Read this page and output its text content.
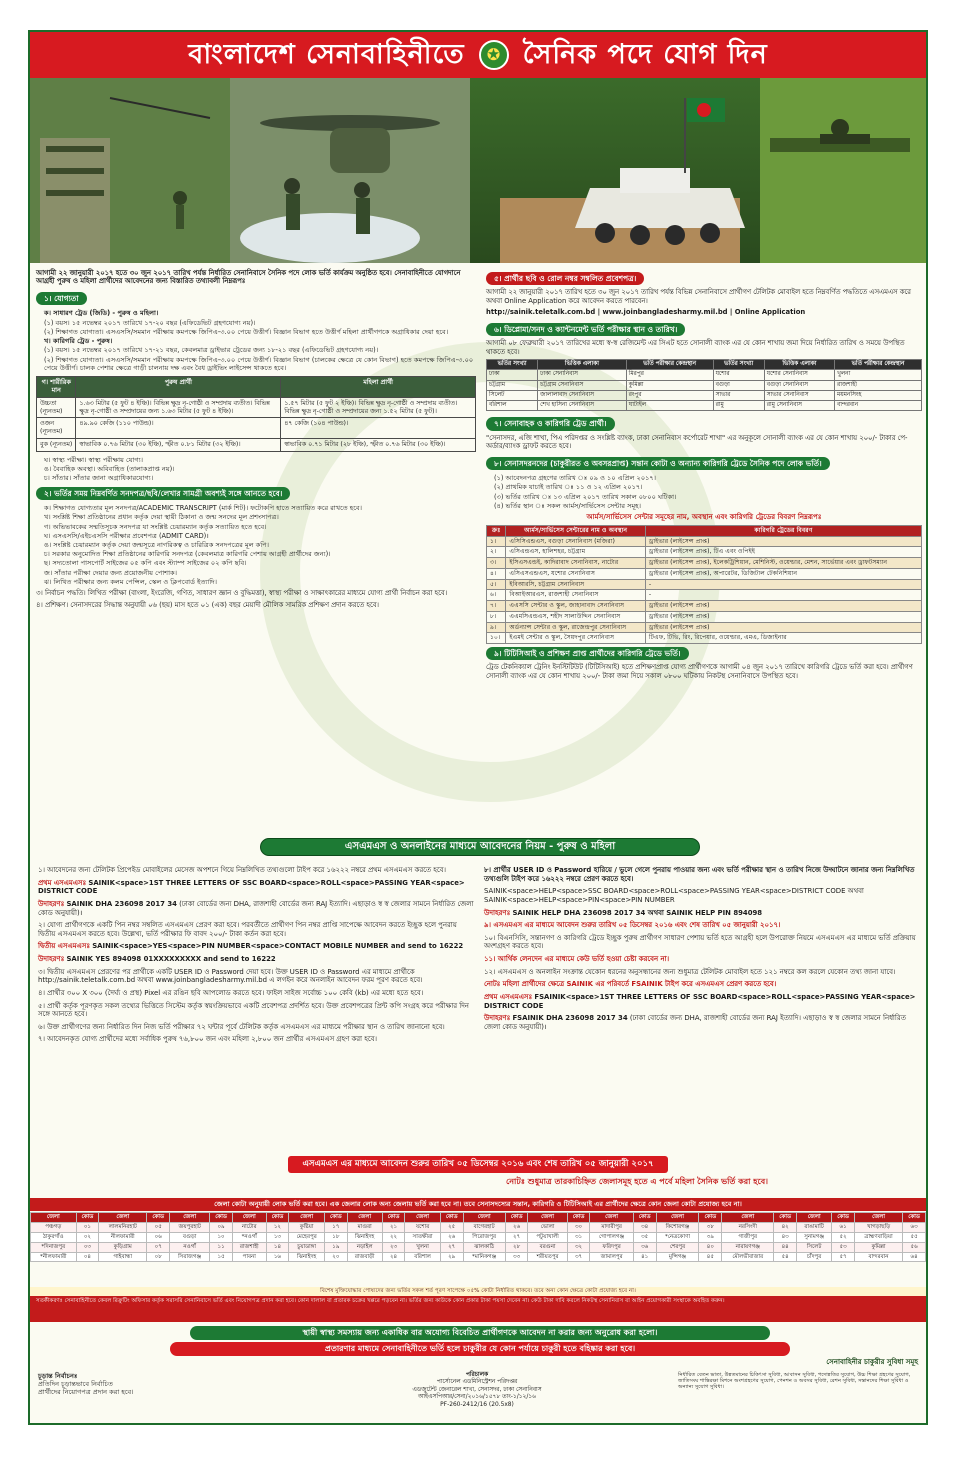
বাংলাদেশ সেনাবাহিনীতে	✪ সৈনিক পদে যোগ দিন
আগামী ২২ জানুয়ারী ২০১৭ হতে ৩০ জুন ২০১৭ তারিখ পর্যন্ত নির্ধারিত সেনানিবাসে সৈনিক পদে লোক ভর্তি কার্যক্রম অনুষ্ঠিত হবে। সেনাবাহিনীতে যোগদানে আগ্রহী পুরুষ ও মহিলা প্রার্থীদের আবেদনের জন্য বিস্তারিত তথ্যাবলী নিম্নরূপঃ
১। যোগ্যতা
ক। সাধারণ ট্রেড (জিডি) - পুরুষ ও মহিলা।
(১) বয়স। ১৫ নভেম্বর ২০১৭ তারিখে ১৭-২০ বছর (এফিডেভিট গ্রহণযোগ্য নয়)।
(২) শিক্ষাগত যোগ্যতা। এসএসসি/সমমান পরীক্ষায় কমপক্ষে জিপিএ-৩.০০ পেয়ে উত্তীর্ণ। বিজ্ঞান বিভাগ হতে উত্তীর্ণ মহিলা প্রার্থীগণকে অগ্রাধিকার দেয়া হবে।
খ। কারিগরি ট্রেড - পুরুষ।
(১) বয়স। ১৫ নভেম্বর ২০১৭ তারিখে ১৭-২১ বছর, কেবলমাত্র ড্রাইভার ট্রেডের জন্য ১৮-২১ বছর (এফিডেভিট গ্রহণযোগ্য নয়)।
(২) শিক্ষাগত যোগ্যতা। এসএসসি/সমমান পরীক্ষায় কমপক্ষে জিপিএ-৩.০০ পেয়ে উত্তীর্ণ। বিজ্ঞান বিভাগ (চালকের ক্ষেত্রে যে কোন বিভাগ) হতে কমপক্ষে জিপিএ-৩.০০ পেয়ে উত্তীর্ণ। চালক পেশার ক্ষেত্রে গাড়ী চালনায় দক্ষ এবং বৈধ ড্রাইভিং লাইসেন্স থাকতে হবে।
গ। শারীরিক মান	পুরুষ প্রার্থী	মহিলা প্রার্থী
উচ্চতা (ন্যূনতম)	১.৬৩ মিটার (৫ ফুট ৪ ইঞ্চি)। বিভিন্ন ক্ষুদ্র নৃ-গোষ্ঠী ও সম্প্রদায় ব্যতীত। বিভিন্ন ক্ষুদ্র নৃ-গোষ্ঠী ও সম্প্রদায়ের জন্য ১.৬৩ মিটার (৫ ফুট ৪ ইঞ্চি)।	১.৫৭ মিটার (৫ ফুট ২ ইঞ্চি)। বিভিন্ন ক্ষুদ্র নৃ-গোষ্ঠী ও সম্প্রদায় ব্যতীত। বিভিন্ন ক্ষুদ্র নৃ-গোষ্ঠী ও সম্প্রদায়ের জন্য ১.৫২ মিটার (৫ ফুট)।
ওজন (ন্যূনতম)	৪৯.৯০ কেজি (১১০ পাউন্ড)।	৪৭ কেজি (১০৪ পাউন্ড)।
বুক (ন্যূনতম)	স্বাভাবিক ০.৭৬ মিটার (৩০ ইঞ্চি), স্ফীত ০.৮১ মিটার (৩২ ইঞ্চি)।	স্বাভাবিক ০.৭১ মিটার (২৮ ইঞ্চি), স্ফীত ০.৭৬ মিটার (৩০ ইঞ্চি)।
ঘ। স্বাস্থ্য পরীক্ষা। স্বাস্থ্য পরীক্ষায় যোগ্য।
ঙ। বৈবাহিক অবস্থা। অবিবাহিত (তালাকপ্রাপ্ত নয়)।
চ। সাঁতার। সাঁতার জানা অগ্রাধিকারযোগ্য।
২। ভর্তির সময় নিম্নবর্ণিত সনদপত্র/ছবি/লেখার সামগ্রী অবশ্যই সঙ্গে আনতে হবে।
ক। শিক্ষাগত যোগ্যতার মূল সনদপত্র/ACADEMIC TRANSCRIPT (মার্ক শিট)। ফটোকপি হাতে সত্যায়িত করে রাখতে হবে।
খ। সংশ্লিষ্ট শিক্ষা প্রতিষ্ঠানের প্রধান কর্তৃক দেয়া স্থায়ী ঠিকানা ও জন্ম সনদের মূল প্রশংসাপত্র।
গ। অভিভাবকের সম্মতিসূচক সনদপত্র যা সংশ্লিষ্ট চেয়ারম্যান কর্তৃক সত্যায়িত হতে হবে।
ঘ। এসএসসি/এইচএসসি পরীক্ষার প্রবেশপত্র (ADMIT CARD)।
ঙ। সংশ্লিষ্ট চেয়ারম্যান কর্তৃক দেয়া জন্মসূত্রে নাগরিকত্ব ও চারিত্রিক সনদপত্রের মূল কপি।
চ। সরকার অনুমোদিত শিক্ষা প্রতিষ্ঠানের কারিগরি সনদপত্র (কেবলমাত্র কারিগরি পেশায় আগ্রহী প্রার্থীদের জন্য)।
ছ। সদ্যতোলা পাসপোর্ট সাইজের ০৫ কপি এবং স্ট্যাম্প সাইজের ০২ কপি ছবি।
জ। সাঁতার পরীক্ষা দেয়ার জন্য প্রয়োজনীয় পোশাক।
ঝ। লিখিত পরীক্ষার জন্য কলম পেন্সিল, স্কেল ও ক্লিপবোর্ড ইত্যাদি।
৩। নির্বাচন পদ্ধতি। লিখিত পরীক্ষা (বাংলা, ইংরেজি, গণিত, সাধারণ জ্ঞান ও বুদ্ধিমত্তা), স্বাস্থ্য পরীক্ষা ও সাক্ষাৎকারের মাধ্যমে যোগ্য প্রার্থী নির্বাচন করা হবে।
৪। প্রশিক্ষণ। সেনাসদরের সিদ্ধান্ত অনুযায়ী ০৬ (ছয়) মাস হতে ০১ (এক) বছর মেয়াদী মৌলিক সামরিক প্রশিক্ষণ প্রদান করতে হবে।
৫। প্রার্থীর ছবি ও রোল নম্বর সম্বলিত প্রবেশপত্র।
আগামী ২২ জানুয়ারী ২০১৭ তারিখ হতে ৩০ জুন ২০১৭ তারিখ পর্যন্ত বিভিন্ন সেনানিবাসে প্রার্থীগণ টেলিটক মোবাইল হতে নিম্নবর্ণিত পদ্ধতিতে এসএমএস করে অথবা Online Application করে আবেদন করতে পারবেন।
http://sainik.teletalk.com.bd | www.joinbangladesharmy.mil.bd | Online Application
৬। ডিপ্লোমা/সনদ ও ক্যান্টনমেন্ট ভর্তি পরীক্ষার স্থান ও তারিখ।
আগামী ০৮ ফেব্রুয়ারী ২০১৭ তারিখের মধ্যে স্ব-স্ব রেজিমেন্ট এর সিএট হতে সোনালী ব্যাংক এর যে কোন শাখায় জমা দিয়ে নির্ধারিত তারিখ ও সময়ে উপস্থিত থাকতে হবে।
ভর্তির সংখ্যা	ভিত্তিক এলাকা	ভর্তি পরীক্ষার কেন্দ্রস্থান	ভর্তির সংখ্যা	ভিত্তিক এলাকা	ভর্তি পরীক্ষার কেন্দ্রস্থান
ঢাকা	ঢাকা সেনানিবাস	মিরপুর	যশোর	যশোর সেনানিবাস	খুলনা
চট্টগ্রাম	চট্টগ্রাম সেনানিবাস	কুমিল্লা	বগুড়া	বগুড়া সেনানিবাস	রাজশাহী
সিলেট	জালালাবাদ সেনানিবাস	রংপুর	সাভার	সাভার সেনানিবাস	ময়মনসিংহ
বরিশাল	শেখ হাসিনা সেনানিবাস	ঘাটাইল	রামু	রামু সেনানিবাস	বান্দরবান
৭। সেনাবাহক ও কারিগরি ট্রেড প্রার্থী।
"সেনাসদর, এজি শাখা, পিএ পরিদপ্তর ও সংশ্লিষ্ট ব্যাংক, ঢাকা সেনানিবাস কর্পোরেট শাখা" এর অনুকূলে সোনালী ব্যাংক এর যে কোন শাখায় ২০০/- টাকার পে-অর্ডার/ব্যাংক ড্রাফট করতে হবে।
৮। সেনাসদরনদের (চাকুরীরত ও অবসরপ্রাপ্ত) সন্তান কোটা ও অন্যান্য কারিগরি ট্রেডে সৈনিক পদে লোক ভর্তি।
(১) আবেদনপত্র গ্রহণের তারিখ ঃ ০৯ ও ১০ এপ্রিল ২০১৭।
(২) প্রাথমিক যাচাই তারিখ ঃ ১১ ও ১২ এপ্রিল ২০১৭।
(৩) ভর্তির তারিখ ঃ ১৩ এপ্রিল ২০১৭ তারিখ সকাল ০৮০০ ঘটিকা।
(৪) ভর্তির স্থান ঃ সকল আর্মস/সার্ভিসেস সেন্টার সমূহ।
আর্মস/সার্ভিসেস সেন্টার সমূহের নাম, অবস্থান এবং কারিগরি ট্রেডের বিবরণ নিম্নরূপঃ
ক্রঃ	আর্মস/সার্ভিসেস সেন্টারের নাম ও অবস্থান	কারিগরি ট্রেডের বিবরণ
১।	এসিসিএন্ডএস, বগুড়া সেনানিবাস (মজিরা)	ড্রাইভার (লাইসেন্স প্রাপ্ত)
২।	এসিএন্ডএস, হালিশহর, চট্টগ্রাম	ড্রাইভার (লাইসেন্স প্রাপ্ত), টিএ এবং ওপিইই
৩।	ইসিএসএন্ডই, কাদিরাবাদ সেনানিবাস, নাটোর	ড্রাইভার (লাইসেন্স প্রাপ্ত), ইলেকট্রিশিয়ান, মেশিনিস্ট, ওয়েল্ডার, মেশন, সার্ভেয়ার এবং ড্রাফটসম্যান
৪।	এসিএসএন্ডএস, যশোর সেনানিবাস	ড্রাইভার (লাইসেন্স প্রাপ্ত), অপারেটর, ডিজিটাল টেকনিশিয়ান
৫।	ইবিআরসি, চট্টগ্রাম সেনানিবাস	-
৬।	বিআইআরএস, রাজশাহী সেনানিবাস	-
৭।	এএসসি সেন্টার ও স্কুল, জাহানাবাদ সেনানিবাস	ড্রাইভার (লাইসেন্স প্রাপ্ত)
৮।	এএমসিএন্ডএস, শহীদ সালাউদ্দিন সেনানিবাস	ড্রাইভার (লাইসেন্স প্রাপ্ত)
৯।	অর্ডন্যান্স সেন্টার ও স্কুল, রাজেন্দ্রপুর সেনানিবাস	ড্রাইভার (লাইসেন্স প্রাপ্ত)
১০।	ইএমই সেন্টার ও স্কুল, সৈয়দপুর সেনানিবাস	টিএফ, টিভি, রিং, রিপেয়ার, ওয়েল্ডার, এমএ, ডিজাইনার
৯। টিটিসিআই ও প্রশিক্ষণ প্রাপ্ত প্রার্থীদের কারিগরি ট্রেডে ভর্তি।
ট্রেড টেকনিক্যাল ট্রেনিং ইনস্টিটিউট (টিটিসিআই) হতে প্রশিক্ষণপ্রাপ্ত যোগ্য প্রার্থীগণকে আগামী ০৪ জুন ২০১৭ তারিখে কারিগরি ট্রেডে ভর্তি করা হবে। প্রার্থীগণ সোনালী ব্যাংক এর যে কোন শাখায় ২০০/- টাকা জমা দিয়ে সকাল ০৮০০ ঘটিকায় নিকটস্থ সেনানিবাসে উপস্থিত হবে।
এসএমএস ও অনলাইনের মাধ্যমে আবেদনের নিয়ম - পুরুষ ও মহিলা
১। আবেদনের জন্য টেলিটক প্রিপেইড মোবাইলের মেসেজ অপশনে গিয়ে নিম্নলিখিত তথ্যগুলো টাইপ করে ১৬২২২ নম্বরে প্রথম এসএমএস করতে হবে।
প্রথম এসএমএসঃ SAINIK<space>1ST THREE LETTERS OF SSC BOARD<space>ROLL<space>PASSING YEAR<space> DISTRICT CODE
উদাহরণঃ SAINIK DHA 236098 2017 34 (ঢাকা বোর্ডের জন্য DHA, রাজশাহী বোর্ডের জন্য RAJ ইত্যাদি। এছাড়াও স্ব স্ব জেলার সামনে নির্ধারিত জেলা কোড অনুযায়ী)।
২। যোগ্য প্রার্থীগণকে একটি পিন নম্বর সম্বলিত এসএমএস প্রেরণ করা হবে। পরবর্তীতে প্রার্থীগণ পিন নম্বর প্রাপ্তি সাপেক্ষে আবেদন করতে ইচ্ছুক হলে পুনরায় দ্বিতীয় এসএমএস করতে হবে। উল্লেখ্য, ভর্তি পরীক্ষার ফি বাবদ ২০০/- টাকা কর্তন করা হবে।
দ্বিতীয় এসএমএসঃ SAINIK<space>YES<space>PIN NUMBER<space>CONTACT MOBILE NUMBER and send to 16222
উদাহরণঃ SAINIK YES 894098 01XXXXXXXXX and send to 16222
৩। দ্বিতীয় এসএমএস প্রেরণের পর প্রার্থীকে একটি USER ID ও Password দেয়া হবে। উক্ত USER ID ও Password এর মাধ্যমে প্রার্থীকে http://sainik.teletalk.com.bd অথবা www.joinbangladesharmy.mil.bd এ লগইন করে অনলাইন আবেদন ফরম পূরণ করতে হবে।
৪। প্রার্থীর ৩০০ X ৩০০ (দৈর্ঘ্য ও প্রস্থ) Pixel এর রঙিন ছবি আপলোড করতে হবে। ফাইল সাইজ সর্বোচ্চ ১০০ কেবি (kb) এর মধ্যে হতে হবে।
৫। প্রার্থী কর্তৃক পূরণকৃত সকল তথ্যের ভিত্তিতে সিস্টেম কর্তৃক স্বয়ংক্রিয়ভাবে একটি প্রবেশপত্র প্রদর্শিত হবে। উক্ত প্রবেশপত্রের প্রিন্ট কপি সংগ্রহ করে পরীক্ষার দিন সঙ্গে আনতে হবে।
৬। উক্ত প্রার্থীগণের জন্য নির্ধারিত দিন নিজ ভর্তি পরীক্ষার ৭২ ঘন্টার পূর্বে টেলিটক কর্তৃক এসএমএস এর মাধ্যমে পরীক্ষার স্থান ও তারিখ জানানো হবে।
৭। আবেদনকৃত যোগ্য প্রার্থীদের মধ্যে সর্বাধিক পুরুষ ৭৬,৮০০ জন এবং মহিলা ২,৮০০ জন প্রার্থীর এসএমএস গ্রহণ করা হবে।
৮। প্রার্থীর USER ID ও Password হারিয়ে / ভুলে গেলে পুনরায় পাওয়ার জন্য এবং ভর্তি পরীক্ষার স্থান ও তারিখ নিজে উদ্ঘাটনে জানার জন্য নিম্নলিখিত তথ্যগুলি টাইপ করে ১৬২২২ নম্বরে প্রেরণ করতে হবে।
SAINIK<space>HELP<space>SSC BOARD<space>ROLL<space>PASSING YEAR<space>DISTRICT CODE অথবা SAINIK<space>HELP<space>PIN<space>PIN NUMBER
উদাহরণঃ SAINIK HELP DHA 236098 2017 34 অথবা SAINIK HELP PIN 894098
৯। এসএমএস এর মাধ্যমে আবেদন শুরুর তারিখ ০৫ ডিসেম্বর ২০১৬ এবং শেষ তারিখ ০৫ জানুয়ারী ২০১৭।
১০। বিএনসিসি, সন্তানগণ ও কারিগরি ট্রেডে ইচ্ছুক পুরুষ প্রার্থীগণ সাধারণ পেশায় ভর্তি হতে আগ্রহী হলে উপরোক্ত নিয়মে এসএমএস এর মাধ্যমে ভর্তি প্রক্রিয়ায় অংশগ্রহণ করতে হবে।
১১। আর্থিক লেনদেন এর মাধ্যমে কেউ ভর্তি হওয়া চেষ্টা করবেন না।
১২। এসএমএস ও অনলাইন সংক্রান্ত যেকোন ধরনের অনুসন্ধানের জন্য শুধুমাত্র টেলিটক মোবাইল হতে ১২১ নম্বরে কল করলে যেকোন তথ্য জানা যাবে।
নোটঃ মহিলা প্রার্থীদের ক্ষেত্রে SAINIK এর পরিবর্তে FSAINIK টাইপ করে এসএমএস প্রেরণ করতে হবে।
প্রথম এসএমএসঃ FSAINIK<space>1ST THREE LETTERS OF SSC BOARD<space>ROLL<space>PASSING YEAR<space> DISTRICT CODE
উদাহরণঃ FSAINIK DHA 236098 2017 34 (ঢাকা বোর্ডের জন্য DHA, রাজশাহী বোর্ডের জন্য RAJ ইত্যাদি। এছাড়াও স্ব স্ব জেলার সামনে নির্ধারিত জেলা কোড অনুযায়ী)।
এসএমএস এর মাধ্যমে আবেদন শুরুর তারিখ ০৫ ডিসেম্বর ২০১৬ এবং শেষ তারিখ ০৫ জানুয়ারী ২০১৭
নোটঃ শুধুমাত্র তারকাচিহ্নিত জেলাসমূহ হতে এ পর্বে মহিলা সৈনিক ভর্তি করা হবে।
জেলা কোটা অনুযায়ী লোক ভর্তি করা হবে। এক জেলার লোক অন্য জেলায় ভর্তি করা হবে না। তবে সেনাসদস্যের সন্তান, কারিগরি ও টিটিসিআই এর প্রার্থীদের ক্ষেত্রে কোন জেলা কোটা প্রযোজ্য হবে না।
জেলা	কোড	জেলা	কোড	জেলা	কোড	জেলা	কোড	জেলা	কোড	জেলা	কোড	জেলা	কোড	জেলা	কোড	জেলা	কোড	জেলা	কোড	জেলা	কোড	জেলা	কোড	জেলা	কোড	জেলা	কোড
পঞ্চগড়	০১	লালমনিরহাট	০৫	জয়পুরহাট	০৯	নাটোর	১২	কুষ্টিয়া	১৭	মাগুরা	২১	যশোর	২৫	বাগেরহাট	২৬	ভোলা	৩০	মাদারীপুর	৩৪	কিশোরগঞ্জ	৩৮	নরসিংদী	৪২	রাঙামাটি	৬১	খাগড়াছড়ি	৬৩
ঠাকুরগাঁও	০২	নীলফামারী	০৬	বগুড়া	১০	*নওগাঁ	১৩	মেহেরপুর	১৮	ঝিনাইদহ	২২	সাতক্ষীরা	২৬	পিরোজপুর	২৭	পটুয়াখালী	৩১	গোপালগঞ্জ	৩৫	*নেত্রকোণা	৩৯	গাজীপুর	৪৩	সুনামগঞ্জ	৫২	ব্রাহ্মণবাড়িয়া	৫৫
*দিনাজপুর	০৩	কুড়িগ্রাম	০৭	নওগাঁ	১১	রাজশাহী	১৪	চুয়াডাঙ্গা	১৯	নড়াইল	২৩	খুলনা	২৭	ঝালকাঠি	২৮	বরগুনা	৩২	ফরিদপুর	৩৬	শেরপুর	৪০	নারায়ণগঞ্জ	৪৪	সিলেট	৫৩	কুমিল্লা	৫৬
*নীলফামারী	০৪	গাইবান্ধা	০৮	সিরাজগঞ্জ	১৫	পাবনা	১৬	ঝিনাইদহ	২০	রাজবাড়ী	২৪	বরিশাল	২৯	*মানিকগঞ্জ	৩৩	শরীয়তপুর	৩৭	জামালপুর	৪১	মুন্সিগঞ্জ	৪৫	মৌলভীবাজার	৫৪	চাঁদপুর	৫৭	বান্দরবান	৬৪
বিশেষ মুক্তিযোদ্ধার পোষ্যদের জন্য ভর্তির সকল শর্ত পূরণ সাপেক্ষে ০৫% কোটা নির্ধারিত থাকবে। তবে অন্য কোন ক্ষেত্রে কোটা প্রযোজ্য হবে না।
সতর্কীকরণঃ সেনাবাহিনীতে কেবল রিক্রুটিং অফিসার কর্তৃক সরাসরি সেনানিবাসে ভর্তি এবং নিয়োগপত্র প্রদান করা হবে। কোন দালাল বা প্রতারক চক্রের খপ্পরে পড়বেন না। ভর্তির জন্য কাউকে কোন প্রকার টাকা পয়সা দেবেন না। কেউ টাকা দাবি করলে নিকটস্থ সেনানিবাস বা আইন প্রয়োগকারী সংস্থাকে অবহিত করুন।
স্থায়ী স্বাস্থ্য সমস্যায় জন্য একাধিক বার অযোগ্য বিবেচিত প্রার্থীগণকে আবেদন না করার জন্য অনুরোধ করা হলো।
প্রতারণার মাধ্যমে সেনাবাহিনীতে ভর্তি হলে চাকুরীর যে কোন পর্যায়ে চাকুরী হতে বহিষ্কার করা হবে।
সেনাবাহিনীর চাকুরীর সুবিধা সমূহ
চূড়ান্ত নির্বাচনঃ
প্রতিদিন চূড়ান্তভাবে নির্বাচিত
প্রার্থীদের নিয়োগপত্র প্রদান করা হবে।
পরিচালক
পার্সোনেল এডমিনিস্ট্রেশন পরিদপ্তর
এডজুটেন্ট জেনারেল শাখা, সেনাসদর, ঢাকা সেনানিবাস
আইএসপিআর/সেনা/২০১৬/১৫৭৮ তাং-১/১২/১৬
PF-260-2412/16 (20.5x8)
নির্ধারিত বেতন ভাতা, উন্নতমানের চিকিৎসা সুবিধা, আবাসন সুবিধা, পদোন্নতির সুযোগ, উচ্চ শিক্ষা গ্রহণের সুযোগ, জাতিসংঘ শান্তিরক্ষা মিশনে অংশগ্রহণের সুযোগ, পেনশন ও অবসর সুবিধা, রেশন সুবিধা, সন্তানদের শিক্ষা সুবিধা ও অন্যান্য সুযোগ সুবিধা।
